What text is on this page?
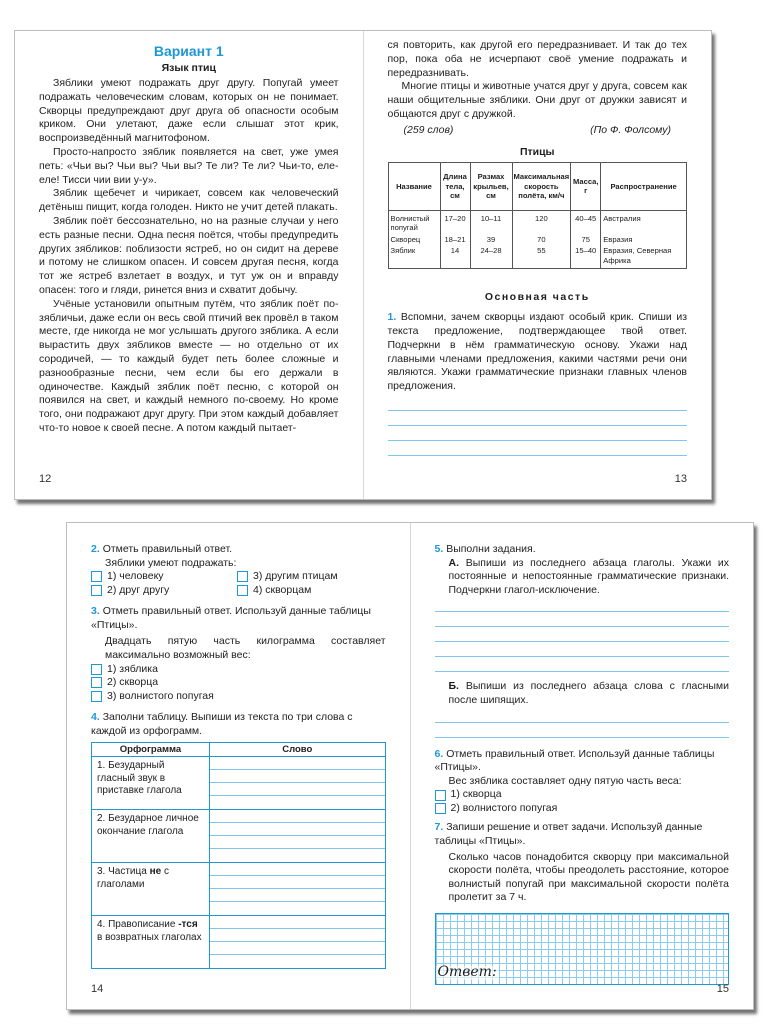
Вариант 1
Язык птиц

Зяблики умеют подражать друг другу. Попугай умеет подражать человеческим словам, которых он не понимает. Скворцы предупреждают друг друга об опасности особым криком. Они улетают, даже если слышат этот крик, воспроизведённый магнитофоном.

Просто-напросто зяблик появляется на свет, уже умея петь: «Чьи вы? Чьи вы? Чьи вы? Те ли? Те ли? Чьи-то, еле-еле! Тисси чии вии у-у».

Зяблик щебечет и чирикает, совсем как человеческий детёныш пищит, когда голоден. Никто не учит детей плакать.

Зяблик поёт бессознательно, но на разные случаи у него есть разные песни. Одна песня поётся, чтобы предупредить других зябликов: поблизости ястреб, но он сидит на дереве и потому не слишком опасен. И совсем другая песня, когда тот же ястреб взлетает в воздух, и тут уж он и вправду опасен: того и гляди, ринется вниз и схватит добычу.

Учёные установили опытным путём, что зяблик поёт по-зябличьи, даже если он весь свой птичий век провёл в таком месте, где никогда не мог услышать другого зяблика. А если вырастить двух зябликов вместе — но отдельно от их сородичей, — то каждый будет петь более сложные и разнообразные песни, чем если бы его держали в одиночестве. Каждый зяблик поёт песню, с которой он появился на свет, и каждый немного по-своему. Но кроме того, они подражают друг другу. При этом каждый добавляет что-то новое к своей песне. А потом каждый пытает-

12

ся повторить, как другой его передразнивает. И так до тех пор, пока оба не исчерпают своё умение подражать и передразнивать.

Многие птицы и животные учатся друг у друга, совсем как наши общительные зяблики. Они друг от дружки зависят и общаются друг с дружкой.

(259 слов)	(По Ф. Фолсому)
Птицы
Название	Длина тела, см	Размах крыльев, см	Максимальная скорость полёта, км/ч	Масса, г	Распространение
Волнистый попугай	17–20	10–11	120	40–45	Австралия
Скворец	18–21	39	70	75	Евразия
Зяблик	14	24–28	55	15–40	Евразия, Северная Африка
Основная часть
1. Вспомни, зачем скворцы издают особый крик. Спиши из текста предложение, подтверждающее твой ответ. Подчеркни в нём грамматическую основу. Укажи над главными членами предложения, какими частями речи они являются. Укажи грамматические признаки главных членов предложения.
13
2. Отметь правильный ответ.
Зяблики умеют подражать:
1) человеку	3) другим птицам
2) друг другу	4) скворцам
3. Отметь правильный ответ. Используй данные таблицы «Птицы».
Двадцать пятую часть килограмма составляет максимально возможный вес:
1) зяблика
2) скворца
3) волнистого попугая
4. Заполни таблицу. Выпиши из текста по три слова с каждой из орфограмм.
Орфограмма	Слово
1. Безударный гласный звук в приставке глагола	

2. Безударное личное окончание глагола	

3. Частица не с глаголами	

4. Правописание -тся в возвратных глаголах	
14
5. Выполни задания.
А. Выпиши из последнего абзаца глаголы. Укажи их постоянные и непостоянные грамматические признаки. Подчеркни глагол-исключение.
Б. Выпиши из последнего абзаца слова с гласными после шипящих.
6. Отметь правильный ответ. Используй данные таблицы «Птицы».
Вес зяблика составляет одну пятую часть веса:
1) скворца
2) волнистого попугая
7. Запиши решение и ответ задачи. Используй данные таблицы «Птицы».
Сколько часов понадобится скворцу при максимальной скорости полёта, чтобы преодолеть расстояние, которое волнистый попугай при максимальной скорости полёта пролетит за 7 ч.
Ответ:
15
